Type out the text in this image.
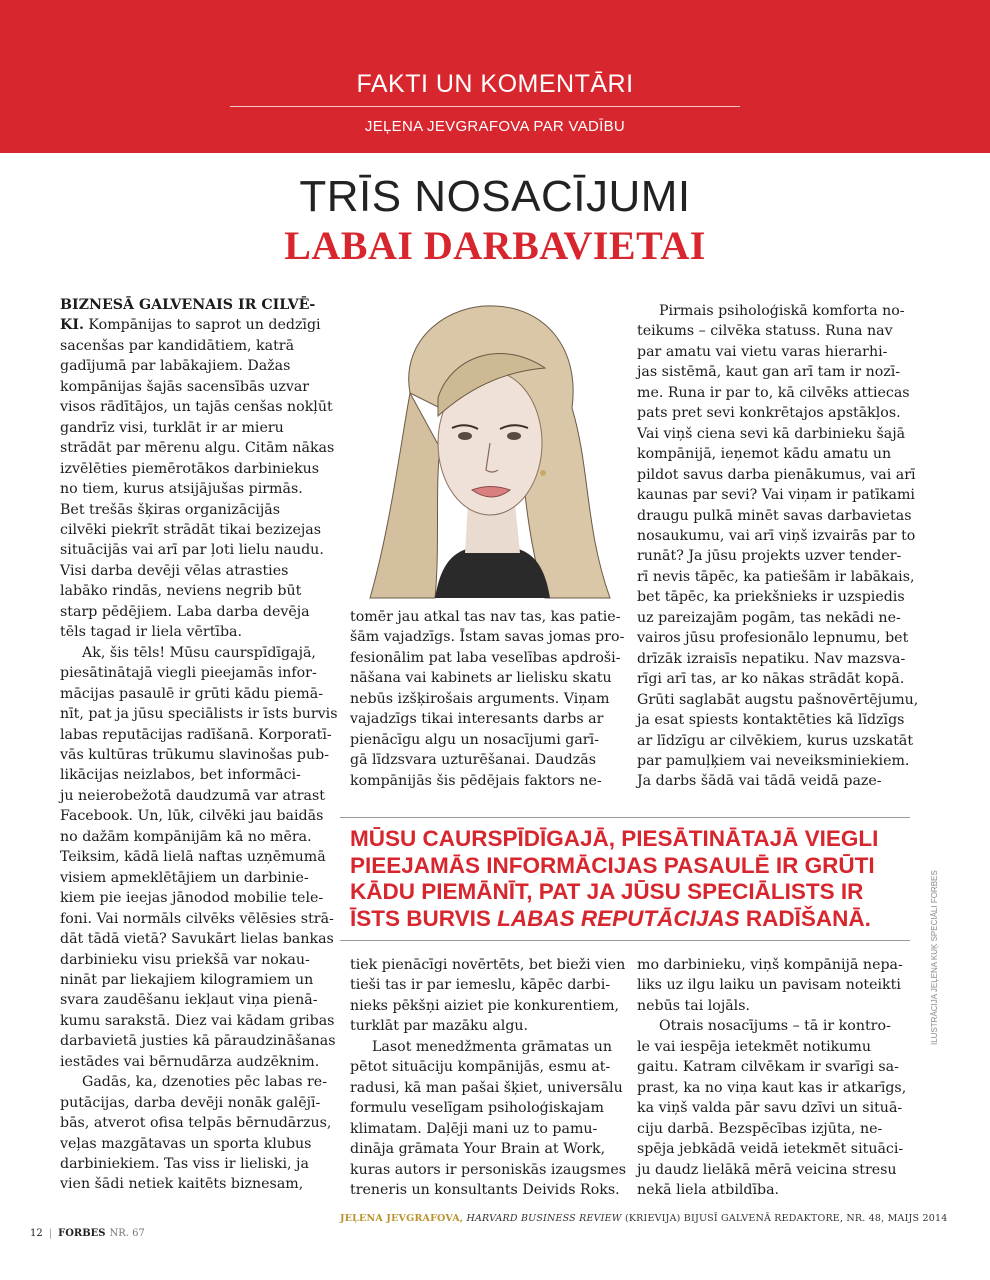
FAKTI UN KOMENTĀRI
JEĻENA JEVGRAFOVA PAR VADĪBU
TRĪS NOSACĪJUMI
LABAI DARBAVIETAI

BIZNESĀ GALVENAIS IR CILVĒ-

KI. Kompānijas to saprot un dedzīgi

sacenšas par kandidātiem, katrā

gadījumā par labākajiem. Dažas

kompānijas šajās sacensībās uzvar

visos rādītājos, un tajās cenšas nokļūt

gandrīz visi, turklāt ir ar mieru

strādāt par mērenu algu. Citām nākas

izvēlēties piemērotākos darbiniekus

no tiem, kurus atsijājušas pirmās.

Bet trešās šķiras organizācijās

cilvēki piekrīt strādāt tikai bezizejas

situācijās vai arī par ļoti lielu naudu.

Visi darba devēji vēlas atrasties

labāko rindās, neviens negrib būt

starp pēdējiem. Laba darba devēja

tēls tagad ir liela vērtība.

Ak, šis tēls! Mūsu caurspīdīgajā,

piesātinātajā viegli pieejamās infor-

mācijas pasaulē ir grūti kādu piemā-

nīt, pat ja jūsu speciālists ir īsts burvis

labas reputācijas radīšanā. Korporatī-

vās kultūras trūkumu slavinošas pub-

likācijas neizlabos, bet informāci-

ju neierobežotā daudzumā var atrast

Facebook. Un, lūk, cilvēki jau baidās

no dažām kompānijām kā no mēra.

Teiksim, kādā lielā naftas uzņēmumā

visiem apmeklētājiem un darbinie-

kiem pie ieejas jānodod mobilie tele-

foni. Vai normāls cilvēks vēlēsies strā-

dāt tādā vietā? Savukārt lielas bankas

darbinieku visu priekšā var nokau-

nināt par liekajiem kilogramiem un

svara zaudēšanu iekļaut viņa pienā-

kumu sarakstā. Diez vai kādam gribas

darbavietā justies kā pāraudzināšanas

iestādes vai bērnudārza audzēknim.

Gadās, ka, dzenoties pēc labas re-

putācijas, darba devēji nonāk galējī-

bās, atverot ofisa telpās bērnudārzus,

veļas mazgātavas un sporta klubus

darbiniekiem. Tas viss ir lieliski, ja

vien šādi netiek kaitēts biznesam,

tomēr jau atkal tas nav tas, kas patie-

šām vajadzīgs. Īstam savas jomas pro-

fesionālim pat laba veselības apdroši-

nāšana vai kabinets ar lielisku skatu

nebūs izšķirošais arguments. Viņam

vajadzīgs tikai interesants darbs ar

pienācīgu algu un nosacījumi garī-

gā līdzsvara uzturēšanai. Daudzās

kompānijās šis pēdējais faktors ne-

Pirmais psiholoģiskā komforta no-

teikums – cilvēka statuss. Runa nav

par amatu vai vietu varas hierarhi-

jas sistēmā, kaut gan arī tam ir nozī-

me. Runa ir par to, kā cilvēks attiecas

pats pret sevi konkrētajos apstākļos.

Vai viņš ciena sevi kā darbinieku šajā

kompānijā, ieņemot kādu amatu un

pildot savus darba pienākumus, vai arī

kaunas par sevi? Vai viņam ir patīkami

draugu pulkā minēt savas darbavietas

nosaukumu, vai arī viņš izvairās par to

runāt? Ja jūsu projekts uzver tender-

rī nevis tāpēc, ka patiešām ir labākais,

bet tāpēc, ka priekšnieks ir uzspiedis

uz pareizajām pogām, tas nekādi ne-

vairos jūsu profesionālo lepnumu, bet

drīzāk izraisīs nepatiku. Nav mazsva-

rīgi arī tas, ar ko nākas strādāt kopā.

Grūti saglabāt augstu pašnovērtējumu,

ja esat spiests kontaktēties kā līdzīgs

ar līdzīgu ar cilvēkiem, kurus uzskatāt

par pamuļķiem vai neveiksminiekiem.

Ja darbs šādā vai tādā veidā paze-

MŪSU CAURSPĪDĪGAJĀ, PIESĀTINĀTAJĀ VIEGLI

PIEEJAMĀS INFORMĀCIJAS PASAULĒ IR GRŪTI

KĀDU PIEMĀNĪT, PAT JA JŪSU SPECIĀLISTS IR

ĪSTS BURVIS LABAS REPUTĀCIJAS RADĪŠANĀ.

tiek pienācīgi novērtēts, bet bieži vien

tieši tas ir par iemeslu, kāpēc darbi-

nieks pēkšņi aiziet pie konkurentiem,

turklāt par mazāku algu.

Lasot menedžmenta grāmatas un

pētot situāciju kompānijās, esmu at-

radusi, kā man pašai šķiet, universālu

formulu veselīgam psiholoģiskajam

klimatam. Daļēji mani uz to pamu-

dināja grāmata Your Brain at Work,

kuras autors ir personiskās izaugsmes

treneris un konsultants Deivids Roks.

mo darbinieku, viņš kompānijā nepa-

liks uz ilgu laiku un pavisam noteikti

nebūs tai lojāls.

Otrais nosacījums – tā ir kontro-

le vai iespēja ietekmēt notikumu

gaitu. Katram cilvēkam ir svarīgi sa-

prast, ka no viņa kaut kas ir atkarīgs,

ka viņš valda pār savu dzīvi un situā-

ciju darbā. Bezspēcības izjūta, ne-

spēja jebkādā veidā ietekmēt situāci-

ju daudz lielākā mērā veicina stresu

nekā liela atbildība.

JEĻENA JEVGRAFOVA, HARVARD BUSINESS REVIEW (KRIEVIJA) BIJUSĪ GALVENĀ REDAKTORE, NR. 48, MAIJS 2014
ILUSTRĀCIJA JEĻENA KUĶ SPECIĀLI FORBES
12 | FORBES NR. 67
